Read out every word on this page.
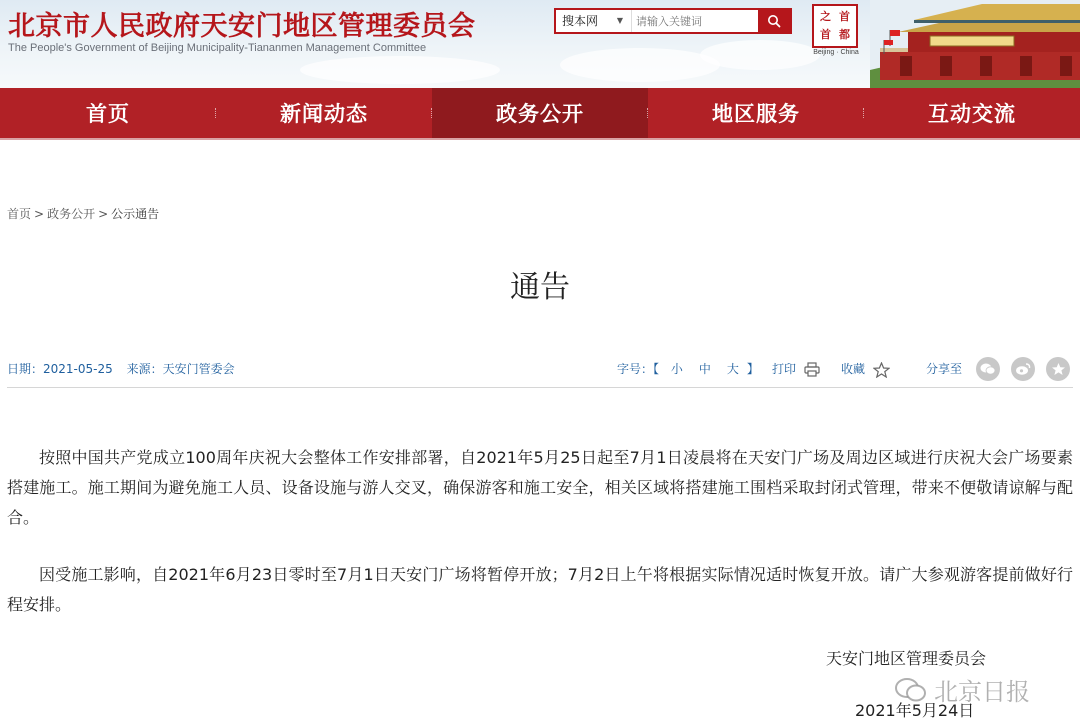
北京市人民政府天安门地区管理委员会
The People's Government of Beijing Municipality-Tiananmen Management Committee
搜本网 ▼
请输入关键词	之 首
首 都
Beijing · China
首页	新闻动态	政务公开	地区服务	互动交流
首页 > 政务公开 > 公示通告
通告
日期：2021-05-25 来源：天安门管委会	字号：【 小 中 大 】 打印	收藏	分享至

按照中国共产党成立100周年庆祝大会整体工作安排部署，自2021年5月25日起至7月1日凌晨将在天安门广场及周边区域进行庆祝大会广场要素搭建施工。施工期间为避免施工人员、设备设施与游人交叉，确保游客和施工安全，相关区域将搭建施工围档采取封闭式管理，带来不便敬请谅解与配合。

因受施工影响，自2021年6月23日零时至7月1日天安门广场将暂停开放；7月2日上午将根据实际情况适时恢复开放。请广大参观游客提前做好行程安排。

天安门地区管理委员会
2021年5月24日
北京日报
